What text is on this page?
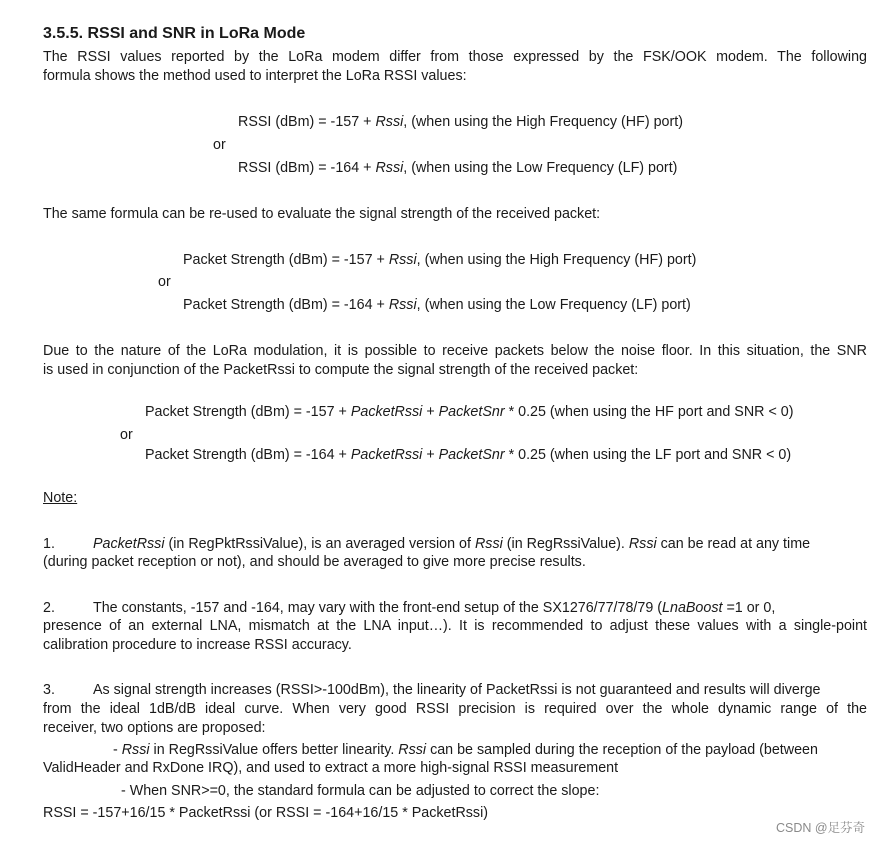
3.5.5. RSSI and SNR in LoRa Mode
The RSSI values reported by the LoRa modem differ from those expressed by the FSK/OOK modem. The following
formula shows the method used to interpret the LoRa RSSI values:
RSSI (dBm) = -157 + Rssi, (when using the High Frequency (HF) port)
or
RSSI (dBm) = -164 + Rssi, (when using the Low Frequency (LF) port)
The same formula can be re-used to evaluate the signal strength of the received packet:
Packet Strength (dBm) = -157 + Rssi, (when using the High Frequency (HF) port)
or
Packet Strength (dBm) = -164 + Rssi, (when using the Low Frequency (LF) port)
Due to the nature of the LoRa modulation, it is possible to receive packets below the noise floor. In this situation, the SNR
is used in conjunction of the PacketRssi to compute the signal strength of the received packet:
Packet Strength (dBm) = -157 + PacketRssi + PacketSnr * 0.25 (when using the HF port and SNR < 0)
or
Packet Strength (dBm) = -164 + PacketRssi + PacketSnr * 0.25 (when using the LF port and SNR < 0)
Note:
1.	PacketRssi (in RegPktRssiValue), is an averaged version of Rssi (in RegRssiValue). Rssi can be read at any time
(during packet reception or not), and should be averaged to give more precise results.
2.	The constants, -157 and -164, may vary with the front-end setup of the SX1276/77/78/79 (LnaBoost =1 or 0,
presence of an external LNA, mismatch at the LNA input…). It is recommended to adjust these values with a single-point
calibration procedure to increase RSSI accuracy.
3.	As signal strength increases (RSSI>-100dBm), the linearity of PacketRssi is not guaranteed and results will diverge
from the ideal 1dB/dB ideal curve. When very good RSSI precision is required over the whole dynamic range of the
receiver, two options are proposed:
- Rssi in RegRssiValue offers better linearity. Rssi can be sampled during the reception of the payload (between
ValidHeader and RxDone IRQ), and used to extract a more high-signal RSSI measurement
- When SNR>=0, the standard formula can be adjusted to correct the slope:
RSSI = -157+16/15 * PacketRssi (or RSSI = -164+16/15 * PacketRssi)
CSDN @足芬奇
